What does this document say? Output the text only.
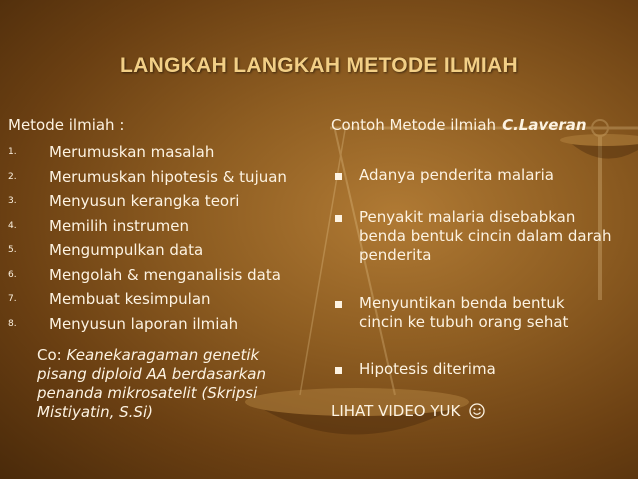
LANGKAH LANGKAH METODE ILMIAH
Metode ilmiah :
1. Merumuskan masalah
2. Merumuskan hipotesis & tujuan
3. Menyusun kerangka teori
4. Memilih instrumen
5. Mengumpulkan data
6. Mengolah & menganalisis data
7. Membuat kesimpulan
8. Menyusun laporan ilmiah
Co: Keanekaragaman genetik
pisang diploid AA berdasarkan
penanda mikrosatelit (Skripsi
Mistiyatin, S.Si)
Contoh Metode ilmiah C.Laveran
Adanya penderita malaria
Penyakit malaria disebabkan
benda bentuk cincin dalam darah
penderita
Menyuntikan benda bentuk
cincin ke tubuh orang sehat
Hipotesis diterima
LIHAT VIDEO YUK
